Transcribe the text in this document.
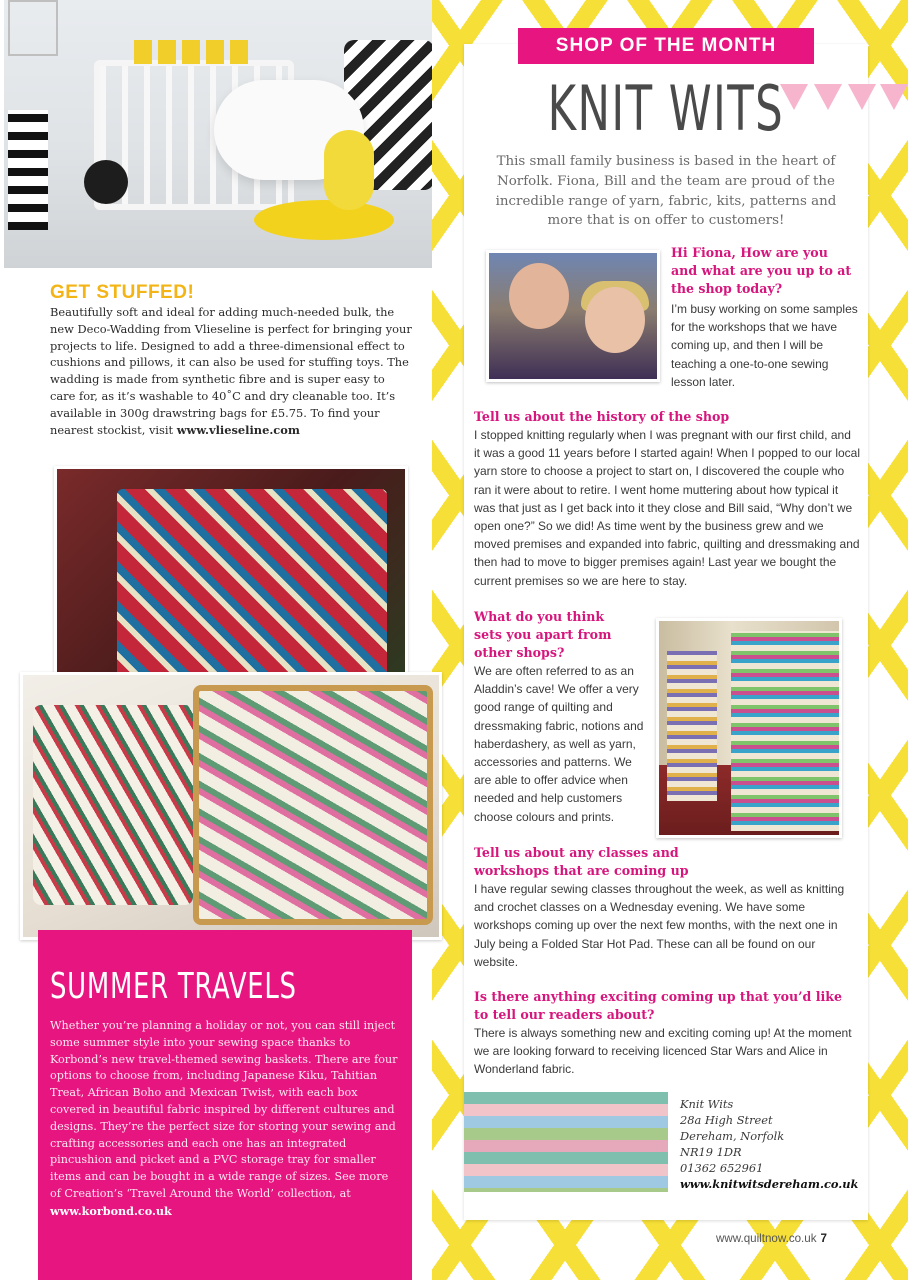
GET STUFFED!

Beautifully soft and ideal for adding much-needed bulk, the new Deco-Wadding from Vlieseline is perfect for bringing your projects to life. Designed to add a three-dimensional effect to cushions and pillows, it can also be used for stuffing toys. The wadding is made from synthetic fibre and is super easy to care for, as it’s washable to 40˚C and dry cleanable too. It’s available in 300g drawstring bags for £5.75. To find your nearest stockist, visit www.vlieseline.com

SUMMER TRAVELS

Whether you’re planning a holiday or not, you can still inject some summer style into your sewing space thanks to Korbond’s new travel-themed sewing baskets. There are four options to choose from, including Japanese Kiku, Tahitian Treat, African Boho and Mexican Twist, with each box covered in beautiful fabric inspired by different cultures and designs. They’re the perfect size for storing your sewing and crafting accessories and each one has an integrated pincushion and picket and a PVC storage tray for smaller items and can be bought in a wide range of sizes. See more of Creation’s ‘Travel Around the World’ collection, at www.korbond.co.uk

SHOP OF THE MONTH
KNIT WITS

This small family business is based in the heart of Norfolk. Fiona, Bill and the team are proud of the incredible range of yarn, fabric, kits, patterns and more that is on offer to customers!

Hi Fiona, How are you and what are you up to at the shop today?
I’m busy working on some samples for the workshops that we have coming up, and then I will be teaching a one-to-one sewing lesson later.
Tell us about the history of the shop
I stopped knitting regularly when I was pregnant with our first child, and it was a good 11 years before I started again! When I popped to our local yarn store to choose a project to start on, I discovered the couple who ran it were about to retire. I went home muttering about how typical it was that just as I get back into it they close and Bill said, “Why don’t we open one?” So we did! As time went by the business grew and we moved premises and expanded into fabric, quilting and dressmaking and then had to move to bigger premises again! Last year we bought the current premises so we are here to stay.
What do you think sets you apart from other shops?
We are often referred to as an Aladdin’s cave! We offer a very good range of quilting and dressmaking fabric, notions and haberdashery, as well as yarn, accessories and patterns. We are able to offer advice when needed and help customers choose colours and prints.
Tell us about any classes and workshops that are coming up
I have regular sewing classes throughout the week, as well as knitting and crochet classes on a Wednesday evening. We have some workshops coming up over the next few months, with the next one in July being a Folded Star Hot Pad. These can all be found on our website.
Is there anything exciting coming up that you’d like to tell our readers about?
There is always something new and exciting coming up! At the moment we are looking forward to receiving licenced Star Wars and Alice in Wonderland fabric.
Knit Wits
28a High Street
Dereham, Norfolk
NR19 1DR
01362 652961
www.knitwitsdereham.co.uk
www.quiltnow.co.uk 7
